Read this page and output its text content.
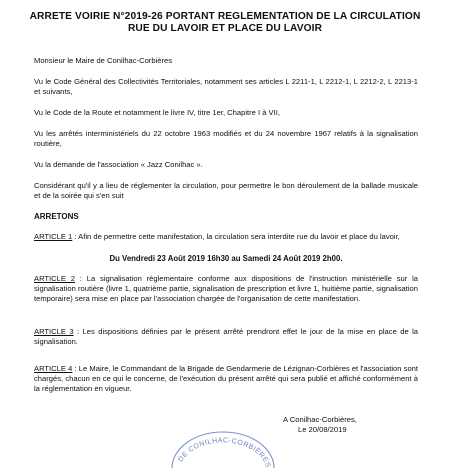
ARRETE VOIRIE N°2019-26 PORTANT REGLEMENTATION DE LA CIRCULATION
RUE DU LAVOIR ET PLACE DU LAVOIR
Monsieur le Maire de Conilhac-Corbières
Vu le Code Général des Collectivités Territoriales, notamment ses articles L 2211-1, L 2212-1, L 2212-2, L 2213-1 et suivants,
Vu le Code de la Route et notamment le livre IV, titre 1er, Chapitre I à VII,
Vu les arrêtés interministériels du 22 octobre 1963 modifiés et du 24 novembre 1967 relatifs à la signalisation routière,
Vu la demande de l'association « Jazz Conilhac ».
Considérant qu'il y a lieu de réglementer la circulation, pour permettre le bon déroulement de la ballade musicale et de la soirée qui s'en suit
ARRETONS
ARTICLE 1 : Afin de permettre cette manifestation, la circulation sera interdite rue du lavoir et place du lavoir,
Du Vendredi 23 Août 2019 16h30 au Samedi 24 Août 2019 2h00.
ARTICLE 2 : La signalisation réglementaire conforme aux dispositions de l'instruction ministérielle sur la signalisation routière (livre 1, quatrième partie, signalisation de prescription et livre 1, huitième partie, signalisation temporaire) sera mise en place par l'association chargée de l'organisation de cette manifestation.
ARTICLE 3 : Les dispositions définies par le présent arrêté prendront effet le jour de la mise en place de la signalisation.
ARTICLE 4 : Le Maire, le Commandant de la Brigade de Gendarmerie de Lézignan-Corbières et l'association sont chargés, chacun en ce qui le concerne, de l'exécution du présent arrêté qui sera publié et affiché conformément à la réglementation en vigueur.
A Conilhac-Corbières,
Le 20/08/2019
DE CONILHAC-CORBIÈRES
